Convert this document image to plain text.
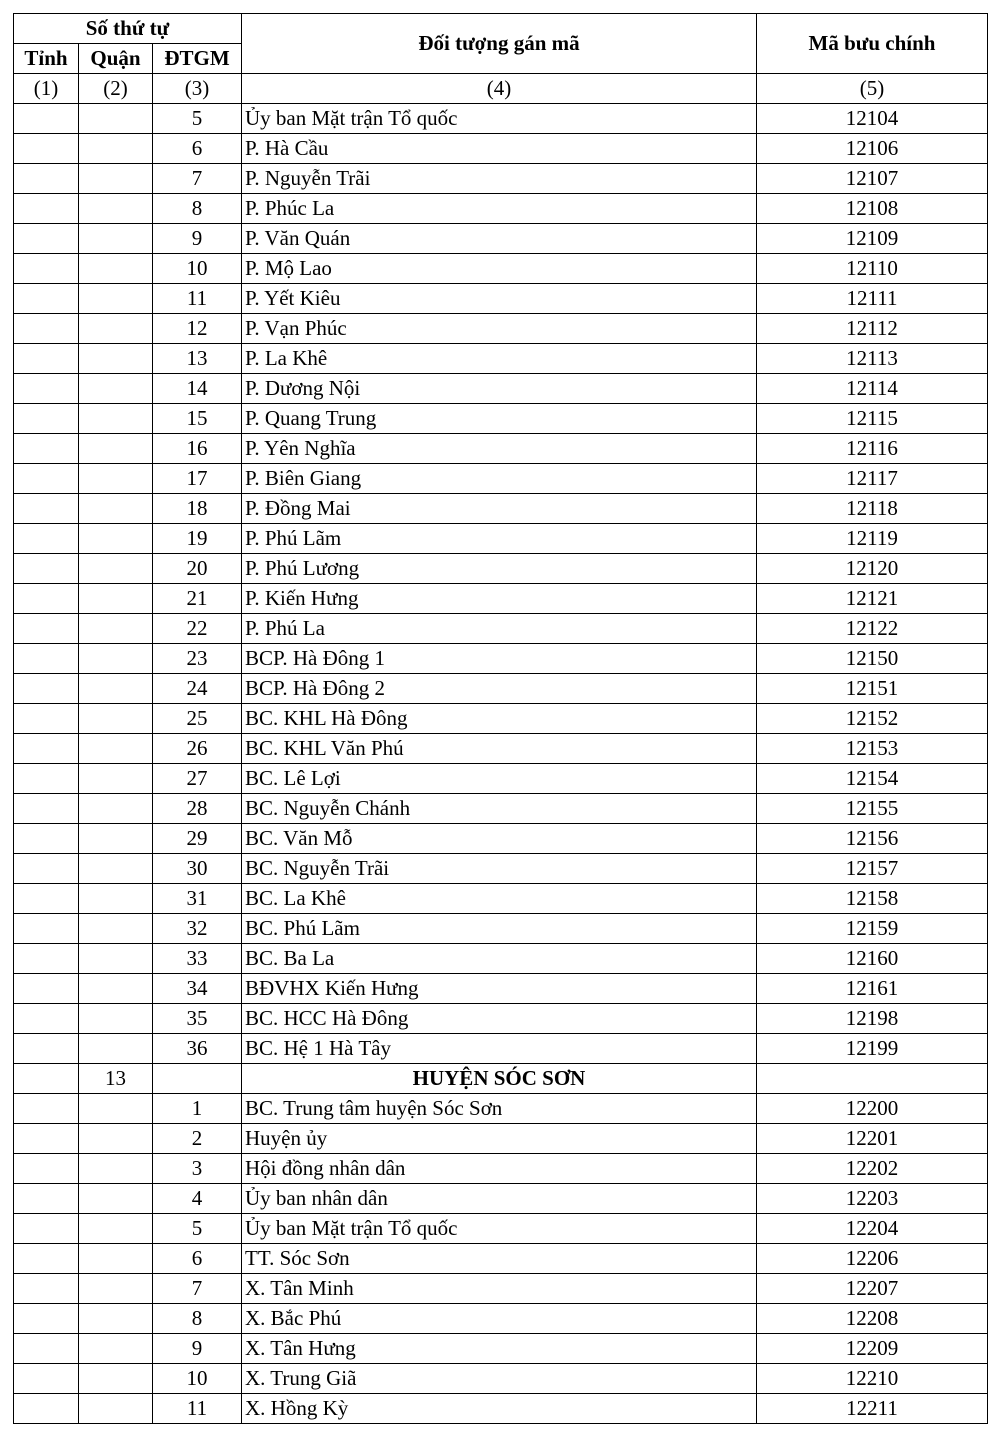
Số thứ tự			Đối tượng gán mã	Mã bưu chính
Tỉnh	Quận	ĐTGM		
(1)	(2)	(3)	(4)	(5)
		5	Ủy ban Mặt trận Tổ quốc	12104
		6	P. Hà Cầu	12106
		7	P. Nguyễn Trãi	12107
		8	P. Phúc La	12108
		9	P. Văn Quán	12109
		10	P. Mộ Lao	12110
		11	P. Yết Kiêu	12111
		12	P. Vạn Phúc	12112
		13	P. La Khê	12113
		14	P. Dương Nội	12114
		15	P. Quang Trung	12115
		16	P. Yên Nghĩa	12116
		17	P. Biên Giang	12117
		18	P. Đồng Mai	12118
		19	P. Phú Lãm	12119
		20	P. Phú Lương	12120
		21	P. Kiến Hưng	12121
		22	P. Phú La	12122
		23	BCP. Hà Đông 1	12150
		24	BCP. Hà Đông 2	12151
		25	BC. KHL Hà Đông	12152
		26	BC. KHL Văn Phú	12153
		27	BC. Lê Lợi	12154
		28	BC. Nguyễn Chánh	12155
		29	BC. Văn Mỗ	12156
		30	BC. Nguyễn Trãi	12157
		31	BC. La Khê	12158
		32	BC. Phú Lãm	12159
		33	BC. Ba La	12160
		34	BĐVHX Kiến Hưng	12161
		35	BC. HCC Hà Đông	12198
		36	BC. Hệ 1 Hà Tây	12199
	13		HUYỆN SÓC SƠN	
		1	BC. Trung tâm huyện Sóc Sơn	12200
		2	Huyện ủy	12201
		3	Hội đồng nhân dân	12202
		4	Ủy ban nhân dân	12203
		5	Ủy ban Mặt trận Tổ quốc	12204
		6	TT. Sóc Sơn	12206
		7	X. Tân Minh	12207
		8	X. Bắc Phú	12208
		9	X. Tân Hưng	12209
		10	X. Trung Giã	12210
		11	X. Hồng Kỳ	12211
